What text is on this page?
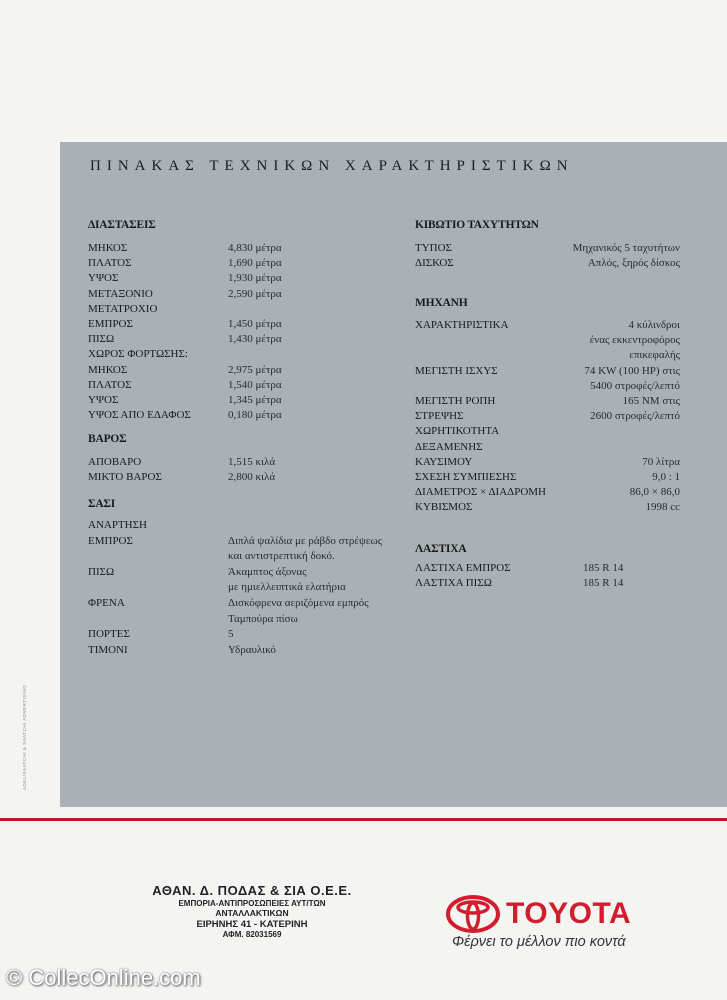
ΠΙΝΑΚΑΣ ΤΕΧΝΙΚΩΝ ΧΑΡΑΚΤΗΡΙΣΤΙΚΩΝ
ΔΙΑΣΤΑΣΕΙΣ
ΜΗΚΟΣ	4,830 μέτρα
ΠΛΑΤΟΣ	1,690 μέτρα
ΥΨΟΣ	1,930 μέτρα
ΜΕΤΑΞΟΝΙΟ	2,590 μέτρα
ΜΕΤΑΤΡΟΧΙΟ
ΕΜΠΡΟΣ	1,450 μέτρα
ΠΙΣΩ	1,430 μέτρα
ΧΩΡΟΣ ΦΟΡΤΩΣΗΣ:
ΜΗΚΟΣ	2,975 μέτρα
ΠΛΑΤΟΣ	1,540 μέτρα
ΥΨΟΣ	1,345 μέτρα
ΥΨΟΣ ΑΠΟ ΕΔΑΦΟΣ	0,180 μέτρα
ΒΑΡΟΣ
ΑΠΟΒΑΡΟ	1,515 κιλά
ΜΙΚΤΟ ΒΑΡΟΣ	2,800 κιλά
ΣΑΣΙ
ΑΝΑΡΤΗΣΗ
ΕΜΠΡΟΣ	Διπλά ψαλίδια με ράβδο στρέψεως
και αντιστρεπτική δοκό.
ΠΙΣΩ	Άκαμπτος άξονας
με ημιελλειπτικά ελατήρια
ΦΡΕΝΑ	Δισκόφρενα αεριζόμενα εμπρός
Ταμπούρα πίσω
ΠΟΡΤΕΣ	5
ΤΙΜΟΝΙ	Υδραυλικό
ΚΙΒΩΤΙΟ ΤΑΧΥΤΗΤΩΝ
ΤΥΠΟΣ	Μηχανικός 5 ταχυτήτων
ΔΙΣΚΟΣ	Απλός, ξηρός δίσκος
ΜΗΧΑΝΗ
ΧΑΡΑΚΤΗΡΙΣΤΙΚΑ	4 κύλινδροι
ένας εκκεντροφόρος
επικεφαλής
ΜΕΓΙΣΤΗ ΙΣΧΥΣ	74 KW (100 HP) στις
5400 στροφές/λεπτό
ΜΕΓΙΣΤΗ ΡΟΠΗ	165 NM στις
ΣΤΡΕΨΗΣ	2600 στροφές/λεπτό
ΧΩΡΗΤΙΚΟΤΗΤΑ
ΔΕΞΑΜΕΝΗΣ
ΚΑΥΣΙΜΟΥ	70 λίτρα
ΣΧΕΣΗ ΣΥΜΠΙΕΣΗΣ	9,0 : 1
ΔΙΑΜΕΤΡΟΣ × ΔΙΑΔΡΟΜΗ	86,0 × 86,0
ΚΥΒΙΣΜΟΣ	1998 cc
ΛΑΣΤΙΧΑ
ΛΑΣΤΙΧΑ ΕΜΠΡΟΣ	185 R 14
ΛΑΣΤΙΧΑ ΠΙΣΩ	185 R 14
ADEL/SAATCHI & SAATCHI ADVERTISING
ΑΘΑΝ. Δ. ΠΟΔΑΣ & ΣΙΑ Ο.Ε.Ε.
ΕΜΠΟΡΙΑ-ΑΝΤΙΠΡΟΣΩΠΕΙΕΣ ΑΥΤ/ΤΩΝ
ΑΝΤΑΛΛΑΚΤΙΚΩΝ
ΕΙΡΗΝΗΣ 41 - ΚΑΤΕΡΙΝΗ
ΑΦΜ. 82031569
TOYOTA
Φέρνει το μέλλον πιο κοντά
© CollecOnline.com
